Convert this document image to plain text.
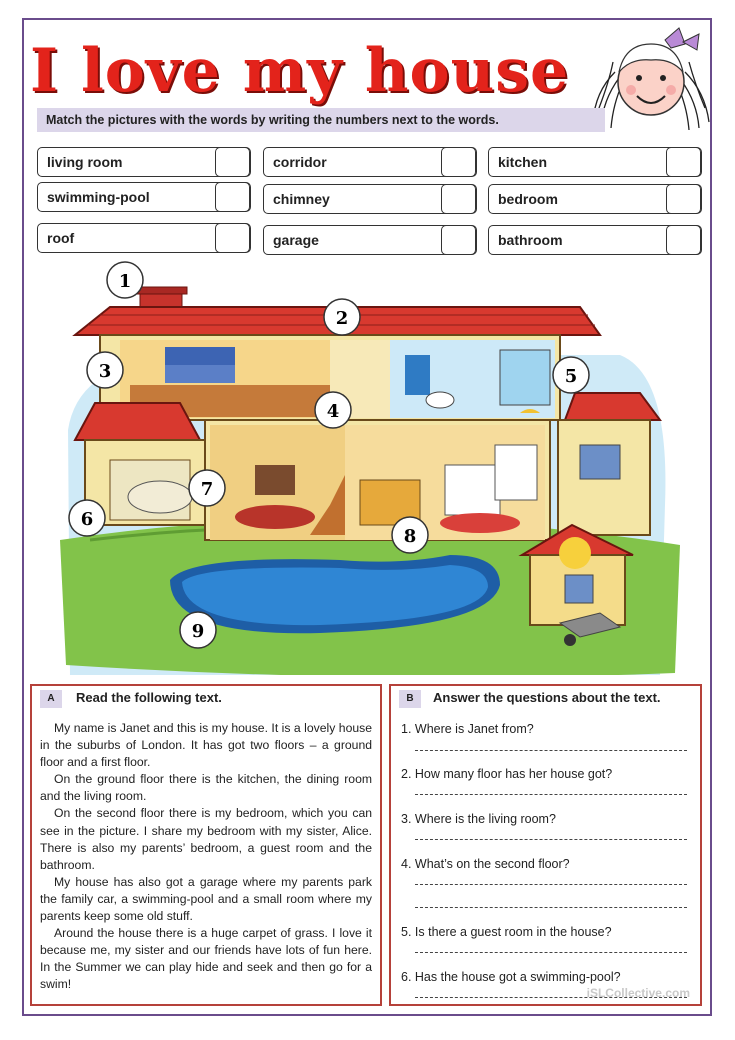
I love my house
Match the pictures with the words by writing the numbers next to the words.
living room	corridor	kitchen
swimming-pool	chimney	bedroom
roof	garage	bathroom
1
2
3
4
5
6
7
8
9
A	Read the following text.

My name is Janet and this is my house. It is a lovely house in the suburbs of London. It has got two floors – a ground floor and a first floor.

On the ground floor there is the kitchen, the dining room and the living room.

On the second floor there is my bedroom, which you can see in the picture. I share my bedroom with my sister, Alice. There is also my parents’ bedroom, a guest room and the bathroom.

My house has also got a garage where my parents park the family car, a swimming-pool and a small room where my parents keep some old stuff.

Around the house there is a huge carpet of grass. I love it because me, my sister and our friends have lots of fun here. In the Summer we can play hide and seek and then go for a swim!

B	Answer the questions about the text.
1. Where is Janet from?
2. How many floor has her house got?
3. Where is the living room?
4. What’s on the second floor?
5. Is there a guest room in the house?
6. Has the house got a swimming-pool?
iSLCollective.com
